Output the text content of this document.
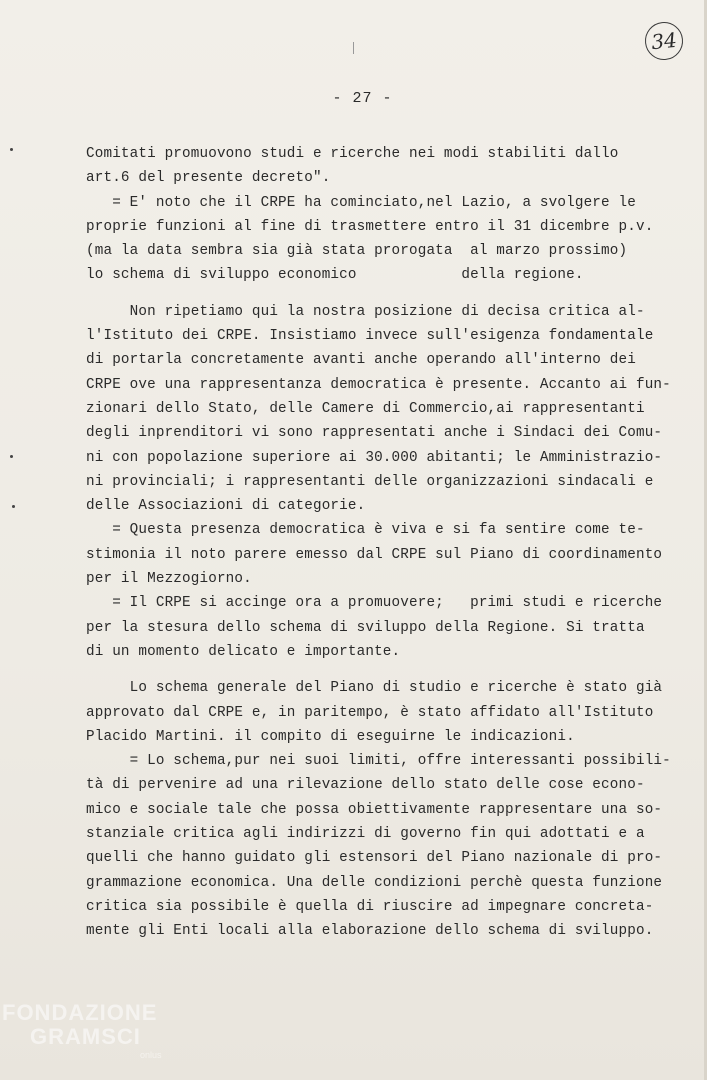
34
- 27 -
Comitati promuovono studi e ricerche nei modi stabiliti dallo
art.6 del presente decreto".
= E' noto che il CRPE ha cominciato,nel Lazio, a svolgere le
proprie funzioni al fine di trasmettere entro il 31 dicembre p.v.
(ma la data sembra sia già stata prorogata  al marzo prossimo)
lo schema di sviluppo economico            della regione.
Non ripetiamo qui la nostra posizione di decisa critica al-
l'Istituto dei CRPE. Insistiamo invece sull'esigenza fondamentale
di portarla concretamente avanti anche operando all'interno dei
CRPE ove una rappresentanza democratica è presente. Accanto ai fun-
zionari dello Stato, delle Camere di Commercio,ai rappresentanti
degli inprenditori vi sono rappresentati anche i Sindaci dei Comu-
ni con popolazione superiore ai 30.000 abitanti; le Amministrazio-
ni provinciali; i rappresentanti delle organizzazioni sindacali e
delle Associazioni di categorie.
= Questa presenza democratica è viva e si fa sentire come te-
stimonia il noto parere emesso dal CRPE sul Piano di coordinamento
per il Mezzogiorno.
= Il CRPE si accinge ora a promuovere;   primi studi e ricerche
per la stesura dello schema di sviluppo della Regione. Si tratta
di un momento delicato e importante.
Lo schema generale del Piano di studio e ricerche è stato già
approvato dal CRPE e, in paritempo, è stato affidato all'Istituto
Placido Martini. il compito di eseguirne le indicazioni.
= Lo schema,pur nei suoi limiti, offre interessanti possibili-
tà di pervenire ad una rilevazione dello stato delle cose econo-
mico e sociale tale che possa obiettivamente rappresentare una so-
stanziale critica agli indirizzi di governo fin qui adottati e a
quelli che hanno guidato gli estensori del Piano nazionale di pro-
grammazione economica. Una delle condizioni perchè questa funzione
critica sia possibile è quella di riuscire ad impegnare concreta-
mente gli Enti locali alla elaborazione dello schema di sviluppo.
FONDAZIONE
GRAMSCI
onlus
